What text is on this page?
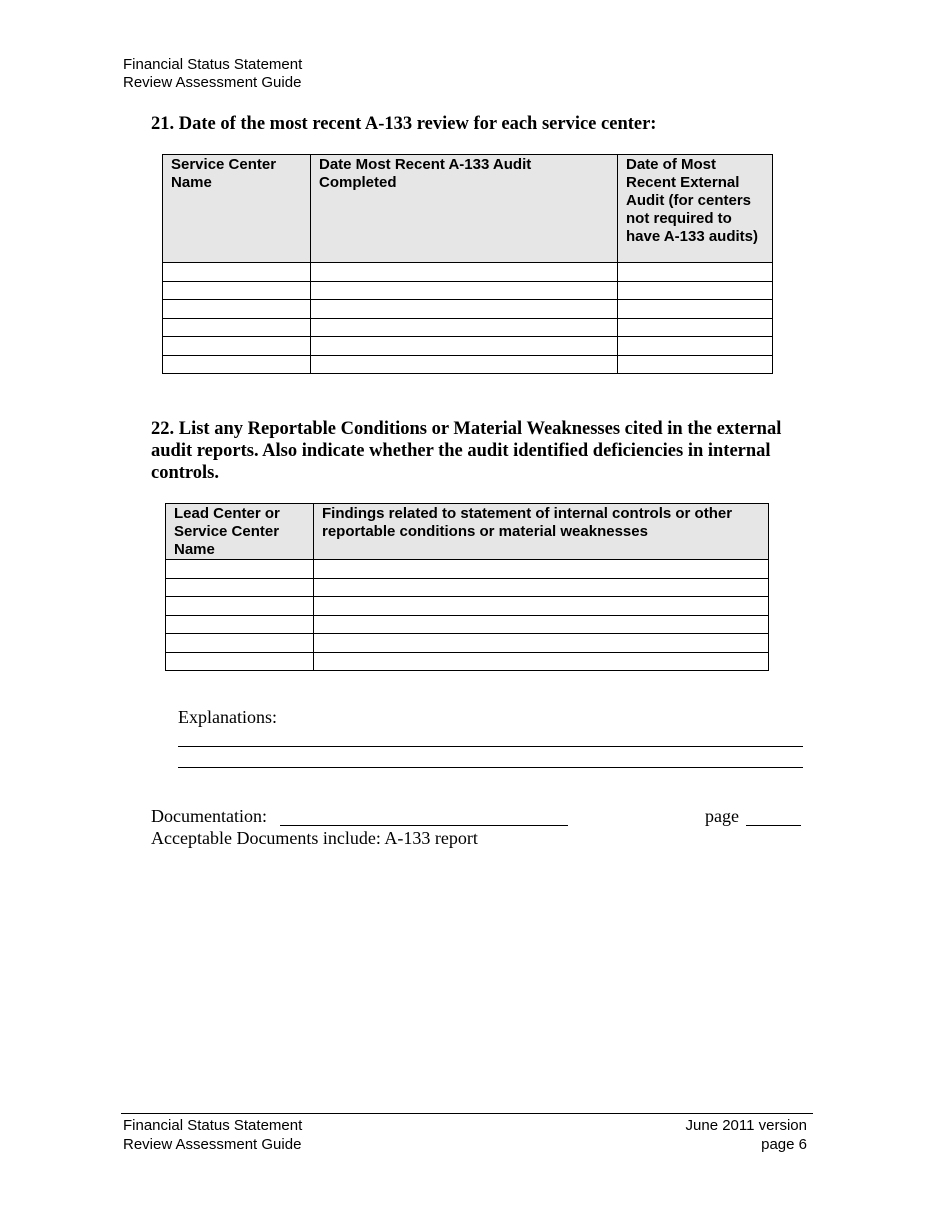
Financial Status Statement
Review Assessment Guide
21. Date of the most recent A-133 review for each service center:
Service Center Name	Date Most Recent A-133 Audit Completed	Date of Most Recent External Audit (for centers not required to have A-133 audits)

22. List any Reportable Conditions or Material Weaknesses cited in the external audit reports. Also indicate whether the audit identified deficiencies in internal controls.
Lead Center or Service Center Name	Findings related to statement of internal controls or other reportable conditions or material weaknesses

Explanations:
Documentation:	page
Acceptable Documents include: A-133 report
Financial Status Statement
Review Assessment Guide
June 2011 version
page 6
